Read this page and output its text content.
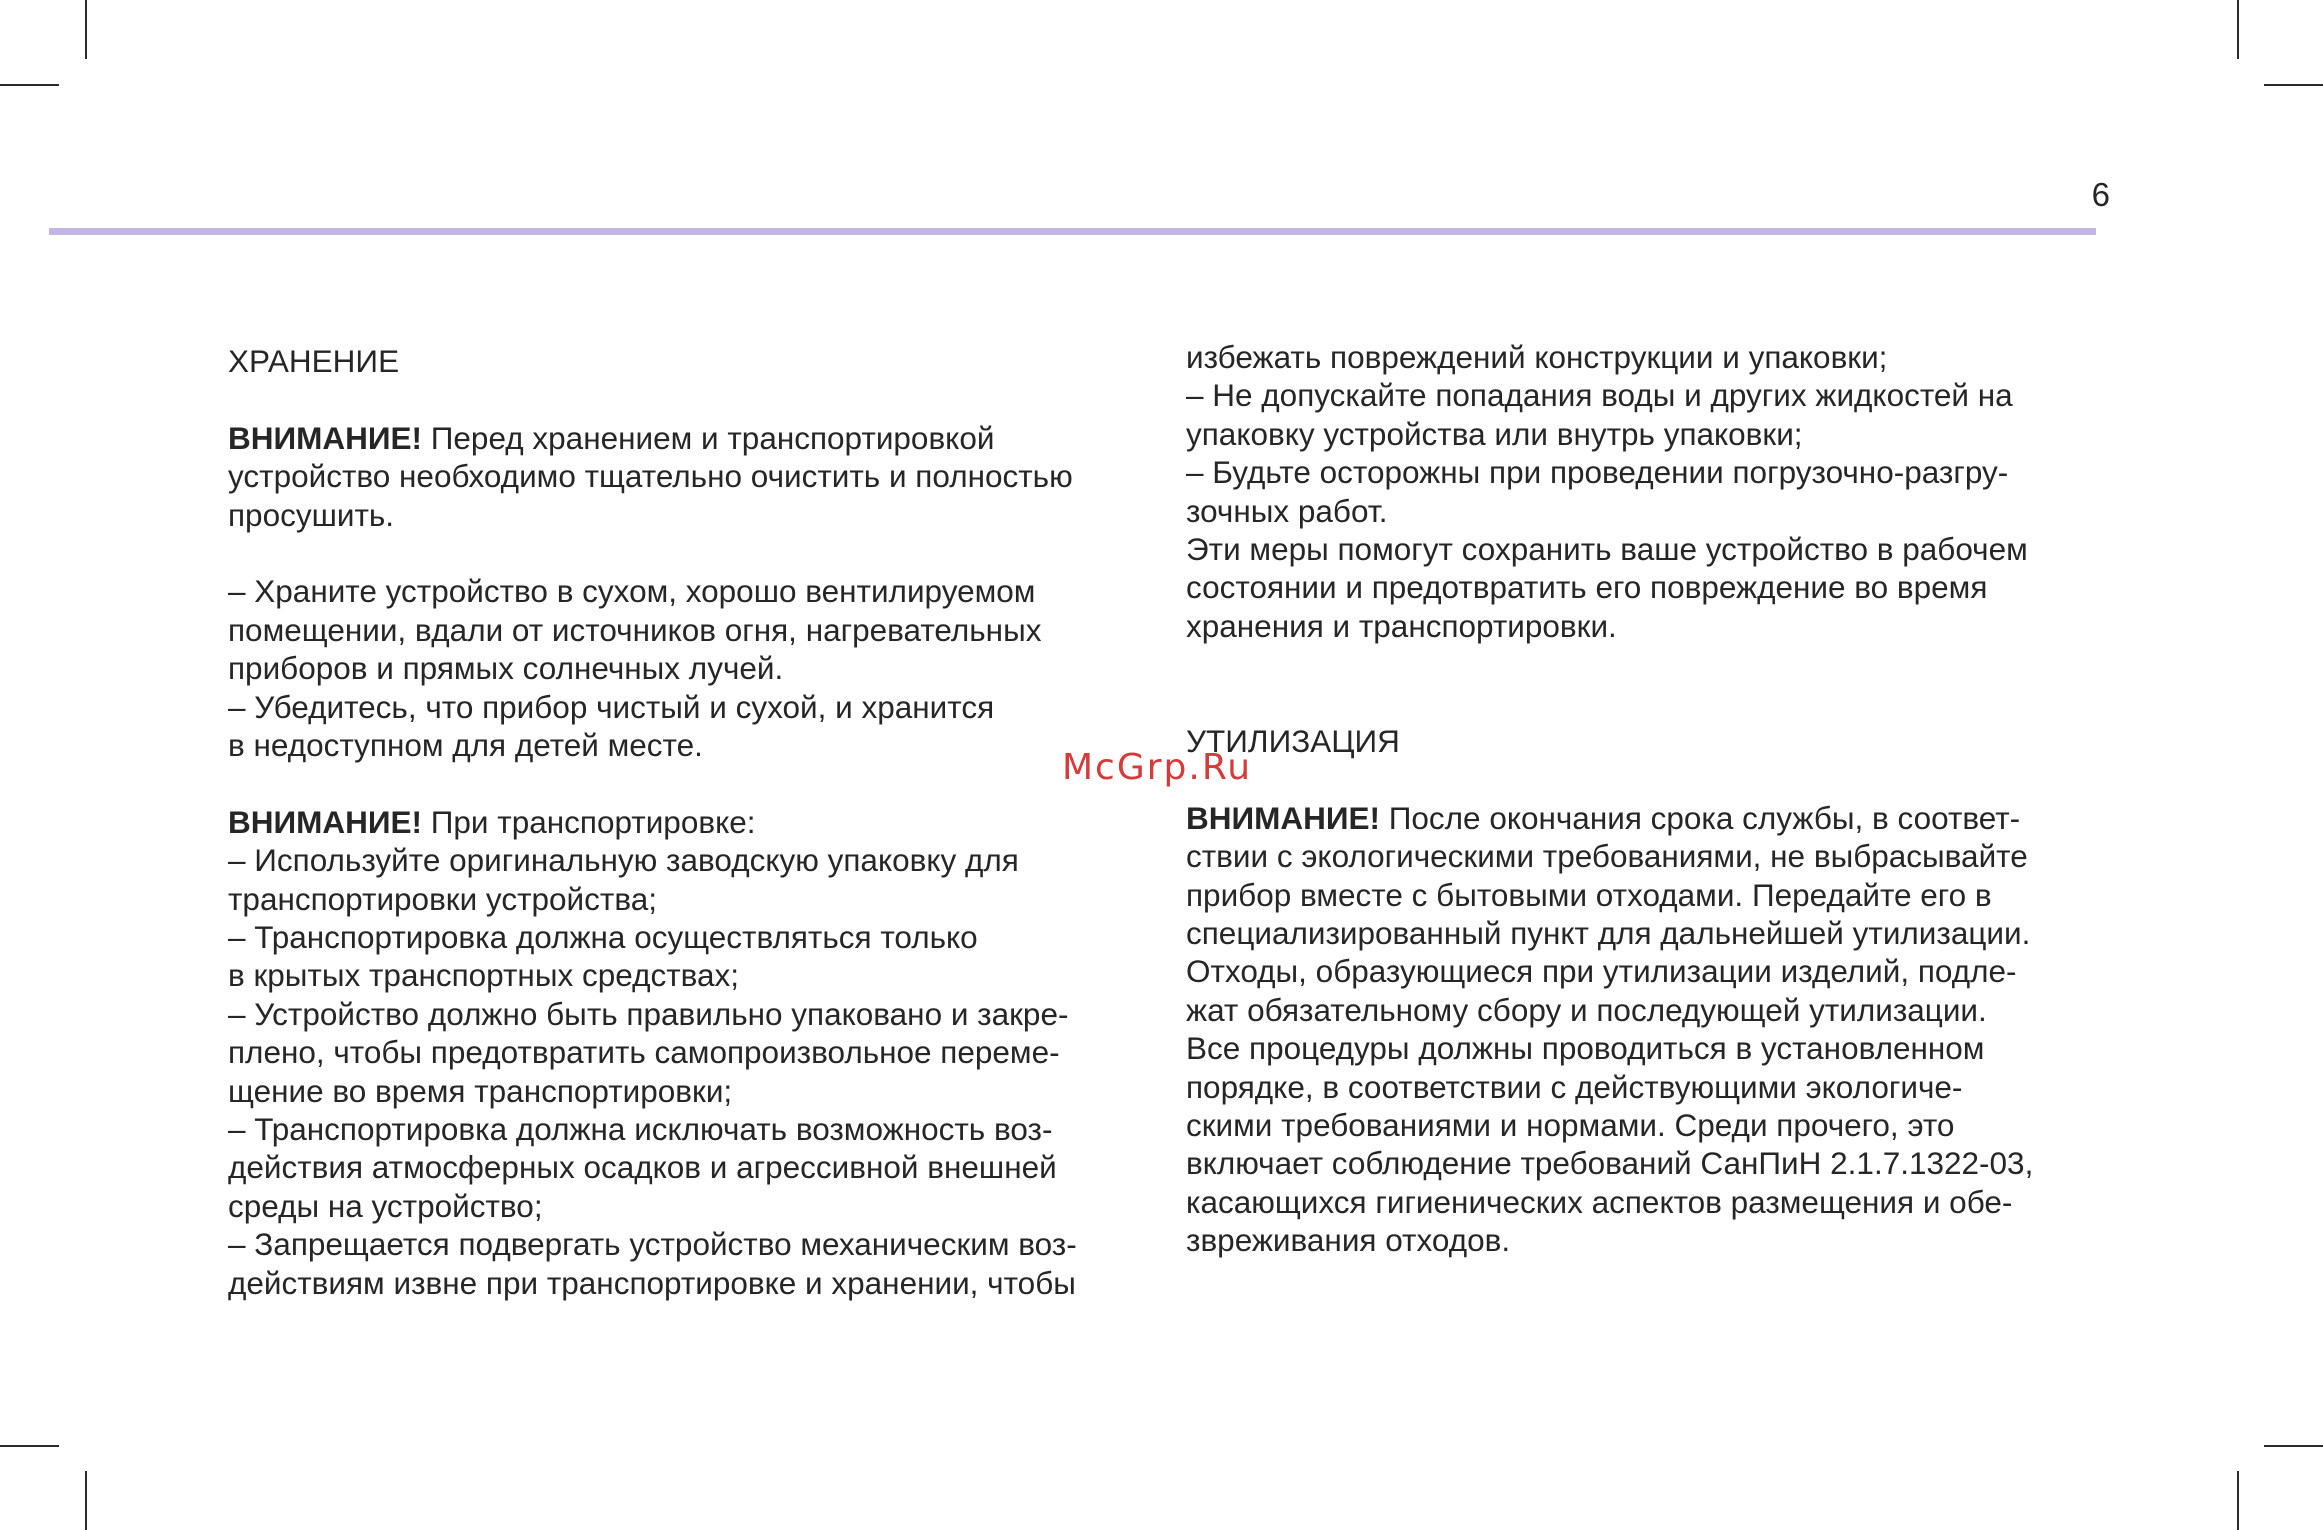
6
ХРАНЕНИЕ
ВНИМАНИЕ! Перед хранением и транспортировкой
устройство необходимо тщательно очистить и полностью
просушить.
– Храните устройство в сухом, хорошо вентилируемом
помещении, вдали от источников огня, нагревательных
приборов и прямых солнечных лучей.
– Убедитесь, что прибор чистый и сухой, и хранится
в недоступном для детей месте.
ВНИМАНИЕ! При транспортировке:
– Используйте оригинальную заводскую упаковку для
транспортировки устройства;
– Транспортировка должна осуществляться только
в крытых транспортных средствах;
– Устройство должно быть правильно упаковано и закре-
плено, чтобы предотвратить самопроизвольное переме-
щение во время транспортировки;
– Транспортировка должна исключать возможность воз-
действия атмосферных осадков и агрессивной внешней
среды на устройство;
– Запрещается подвергать устройство механическим воз-
действиям извне при транспортировке и хранении, чтобы
избежать повреждений конструкции и упаковки;
– Не допускайте попадания воды и других жидкостей на
упаковку устройства или внутрь упаковки;
– Будьте осторожны при проведении погрузочно-разгру-
зочных работ.
Эти меры помогут сохранить ваше устройство в рабочем
состоянии и предотвратить его повреждение во время
хранения и транспортировки.
УТИЛИЗАЦИЯ
ВНИМАНИЕ! После окончания срока службы, в соответ-
ствии с экологическими требованиями, не выбрасывайте
прибор вместе с бытовыми отходами. Передайте его в
специализированный пункт для дальнейшей утилизации.
Отходы, образующиеся при утилизации изделий, подле-
жат обязательному сбору и последующей утилизации.
Все процедуры должны проводиться в установленном
порядке, в соответствии с действующими экологиче-
скими требованиями и нормами. Среди прочего, это
включает соблюдение требований СанПиН 2.1.7.1322-03,
касающихся гигиенических аспектов размещения и обе-
звреживания отходов.
McGrp.Ru
